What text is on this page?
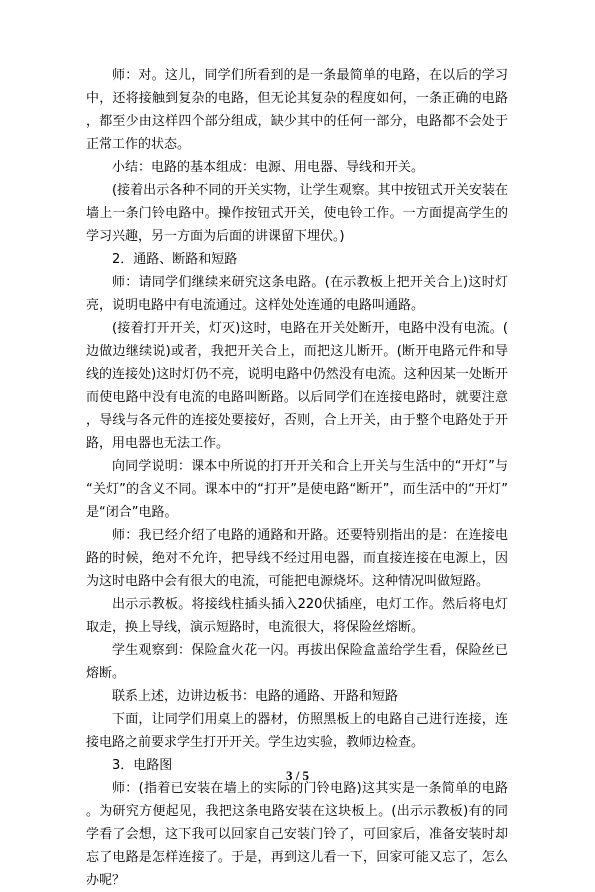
师：对。这儿，同学们所看到的是一条最简单的电路，在以后的学习中，还将接触到复杂的电路，但无论其复杂的程度如何，一条正确的电路，都至少由这样四个部分组成，缺少其中的任何一部分，电路都不会处于正常工作的状态。

小结：电路的基本组成：电源、用电器、导线和开关。

(接着出示各种不同的开关实物，让学生观察。其中按钮式开关安装在墙上一条门铃电路中。操作按钮式开关，使电铃工作。一方面提高学生的学习兴趣，另一方面为后面的讲课留下埋伏。)

2．通路、断路和短路

师：请同学们继续来研究这条电路。(在示教板上把开关合上)这时灯亮，说明电路中有电流通过。这样处处连通的电路叫通路。

(接着打开开关，灯灭)这时，电路在开关处断开，电路中没有电流。(边做边继续说)或者，我把开关合上，而把这儿断开。(断开电路元件和导线的连接处)这时灯仍不亮，说明电路中仍然没有电流。这种因某一处断开而使电路中没有电流的电路叫断路。以后同学们在连接电路时，就要注意，导线与各元件的连接处要接好，否则，合上开关，由于整个电路处于开路，用电器也无法工作。

向同学说明：课本中所说的打开开关和合上开关与生活中的“开灯”与“关灯”的含义不同。课本中的“打开”是使电路“断开”，而生活中的“开灯”是“闭合”电路。

师：我已经介绍了电路的通路和开路。还要特别指出的是：在连接电路的时候，绝对不允许，把导线不经过用电器，而直接连接在电源上，因为这时电路中会有很大的电流，可能把电源烧坏。这种情况叫做短路。

出示示教板。将接线柱插头插入220伏插座，电灯工作。然后将电灯取走，换上导线，演示短路时，电流很大，将保险丝熔断。

学生观察到：保险盒火花一闪。再拔出保险盒盖给学生看，保险丝已熔断。

联系上述，边讲边板书：电路的通路、开路和短路

下面，让同学们用桌上的器材，仿照黑板上的电路自己进行连接，连接电路之前要求学生打开开关。学生边实验，教师边检查。

3．电路图

师：(指着已安装在墙上的实际的门铃电路)这其实是一条简单的电路。为研究方便起见，我把这条电路安装在这块板上。(出示示教板)有的同学看了会想，这下我可以回家自己安装门铃了，可回家后，准备安装时却忘了电路是怎样连接了。于是，再到这儿看一下，回家可能又忘了，怎么办呢？

3 / 5
